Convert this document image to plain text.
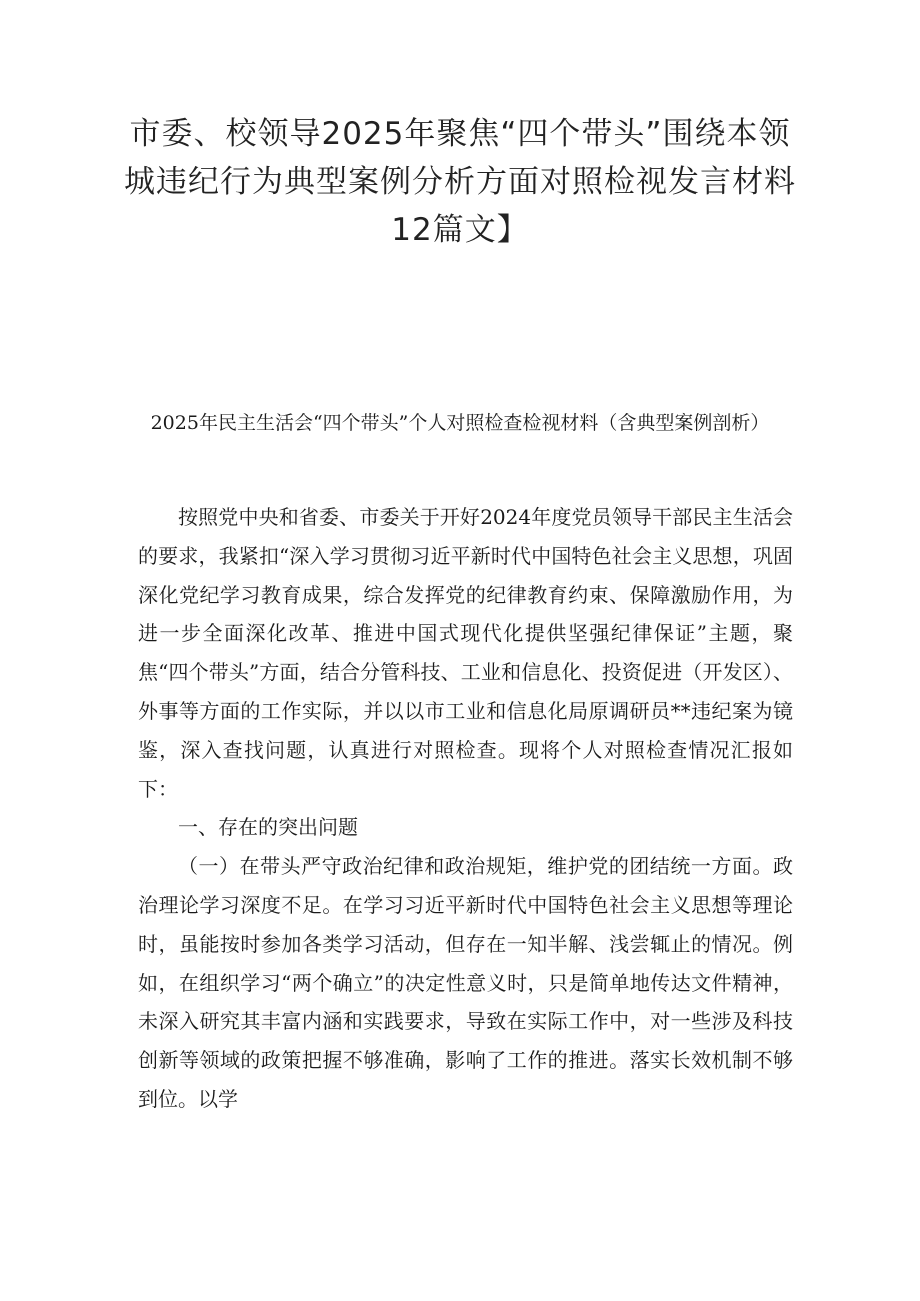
市委、校领导2025年聚焦“四个带头”围绕本领城违纪行为典型案例分析方面对照检视发言材料12篇文】
2025年民主生活会“四个带头”个人对照检查检视材料（含典型案例剖析）

按照党中央和省委、市委关于开好2024年度党员领导干部民主生活会的要求，我紧扣“深入学习贯彻习近平新时代中国特色社会主义思想，巩固深化党纪学习教育成果，综合发挥党的纪律教育约束、保障激励作用，为进一步全面深化改革、推进中国式现代化提供坚强纪律保证”主题，聚焦“四个带头”方面，结合分管科技、工业和信息化、投资促进（开发区）、外事等方面的工作实际，并以以市工业和信息化局原调研员**违纪案为镜鉴，深入查找问题，认真进行对照检查。现将个人对照检查情况汇报如下：

一、存在的突出问题

（一）在带头严守政治纪律和政治规矩，维护党的团结统一方面。政治理论学习深度不足。在学习习近平新时代中国特色社会主义思想等理论时，虽能按时参加各类学习活动，但存在一知半解、浅尝辄止的情况。例如，在组织学习“两个确立”的决定性意义时，只是简单地传达文件精神，未深入研究其丰富内涵和实践要求，导致在实际工作中，对一些涉及科技创新等领域的政策把握不够准确，影响了工作的推进。落实长效机制不够到位。以学
